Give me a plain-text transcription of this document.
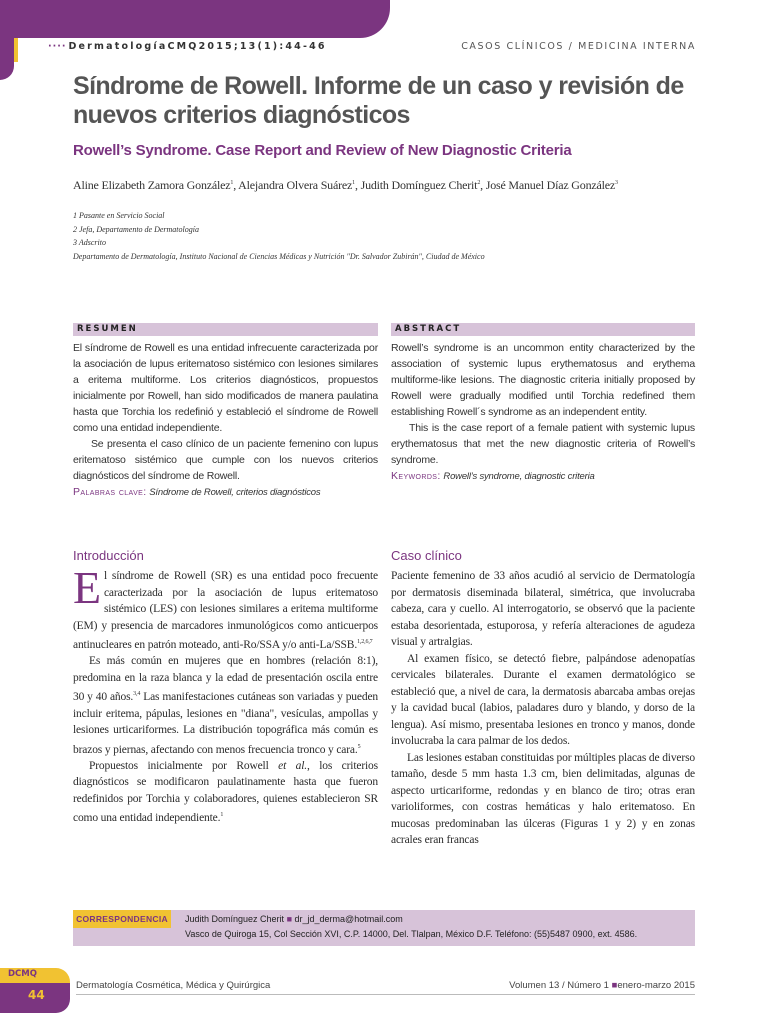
···· DermatologíaCMQ2015;13(1):44-46	CASOS CLÍNICOS / MEDICINA INTERNA
Síndrome de Rowell. Informe de un caso y revisión de nuevos criterios diagnósticos
Rowell’s Syndrome. Case Report and Review of New Diagnostic Criteria
Aline Elizabeth Zamora González$^1$, Alejandra Olvera Suárez$^1$, Judith Domínguez Cherit$^2$, José Manuel Díaz González$^3$
1 Pasante en Servicio Social
2 Jefa, Departamento de Dermatología
3 Adscrito
Departamento de Dermatología, Instituto Nacional de Ciencias Médicas y Nutrición "Dr. Salvador Zubirán", Ciudad de México
RESUMEN

El síndrome de Rowell es una entidad infrecuente caracterizada por la asociación de lupus eritematoso sistémico con lesiones similares a eritema multiforme. Los criterios diagnósticos, propuestos inicialmente por Rowell, han sido modificados de manera paulatina hasta que Torchia los redefinió y estableció el síndrome de Rowell como una entidad independiente.

Se presenta el caso clínico de un paciente femenino con lupus eritematoso sistémico que cumple con los nuevos criterios diagnósticos del síndrome de Rowell.

Palabras clave: Síndrome de Rowell, criterios diagnósticos

ABSTRACT

Rowell’s syndrome is an uncommon entity characterized by the association of systemic lupus erythematosus and erythema multiforme-like lesions. The diagnostic criteria initially proposed by Rowell were gradually modified until Torchia redefined them establishing Rowell´s syndrome as an independent entity.

This is the case report of a female patient with systemic lupus erythematosus that met the new diagnostic criteria of Rowell’s syndrome.

Keywords: Rowell’s syndrome, diagnostic criteria

Introducción

El síndrome de Rowell (SR) es una entidad poco frecuente caracterizada por la asociación de lupus eritematoso sistémico (LES) con lesiones similares a eritema multiforme (EM) y presencia de marcadores inmunológicos como anticuerpos antinucleares en patrón moteado, anti-Ro/SSA y/o anti-La/SSB.$^{1,2,6,7}$

Es más común en mujeres que en hombres (relación 8:1), predomina en la raza blanca y la edad de presentación oscila entre 30 y 40 años.$^{3,4}$ Las manifestaciones cutáneas son variadas y pueden incluir eritema, pápulas, lesiones en "diana", vesículas, ampollas y lesiones urticariformes. La distribución topográfica más común es brazos y piernas, afectando con menos frecuencia tronco y cara.$^5$

Propuestos inicialmente por Rowell et al., los criterios diagnósticos se modificaron paulatinamente hasta que fueron redefinidos por Torchia y colaboradores, quienes establecieron SR como una entidad independiente.$^1$

Caso clínico

Paciente femenino de 33 años acudió al servicio de Dermatología por dermatosis diseminada bilateral, simétrica, que involucraba cabeza, cara y cuello. Al interrogatorio, se observó que la paciente estaba desorientada, estuporosa, y refería alteraciones de agudeza visual y artralgias.

Al examen físico, se detectó fiebre, palpándose adenopatías cervicales bilaterales. Durante el examen dermatológico se estableció que, a nivel de cara, la dermatosis abarcaba ambas orejas y la cavidad bucal (labios, paladares duro y blando, y dorso de la lengua). Así mismo, presentaba lesiones en tronco y manos, donde involucraba la cara palmar de los dedos.

Las lesiones estaban constituidas por múltiples placas de diverso tamaño, desde 5 mm hasta 1.3 cm, bien delimitadas, algunas de aspecto urticariforme, redondas y en blanco de tiro; otras eran varioliformes, con costras hemáticas y halo eritematoso. En mucosas predominaban las úlceras (Figuras 1 y 2) y en zonas acrales eran francas

CORRESPONDENCIA	Judith Domínguez Cherit ■ dr_jd_derma@hotmail.com
Vasco de Quiroga 15, Col Sección XVI, C.P. 14000, Del. Tlalpan, México D.F. Teléfono: (55)5487 0900, ext. 4586.
DCMQ
44
Dermatología Cosmética, Médica y Quirúrgica	Volumen 13 / Número 1 ■enero-marzo 2015
